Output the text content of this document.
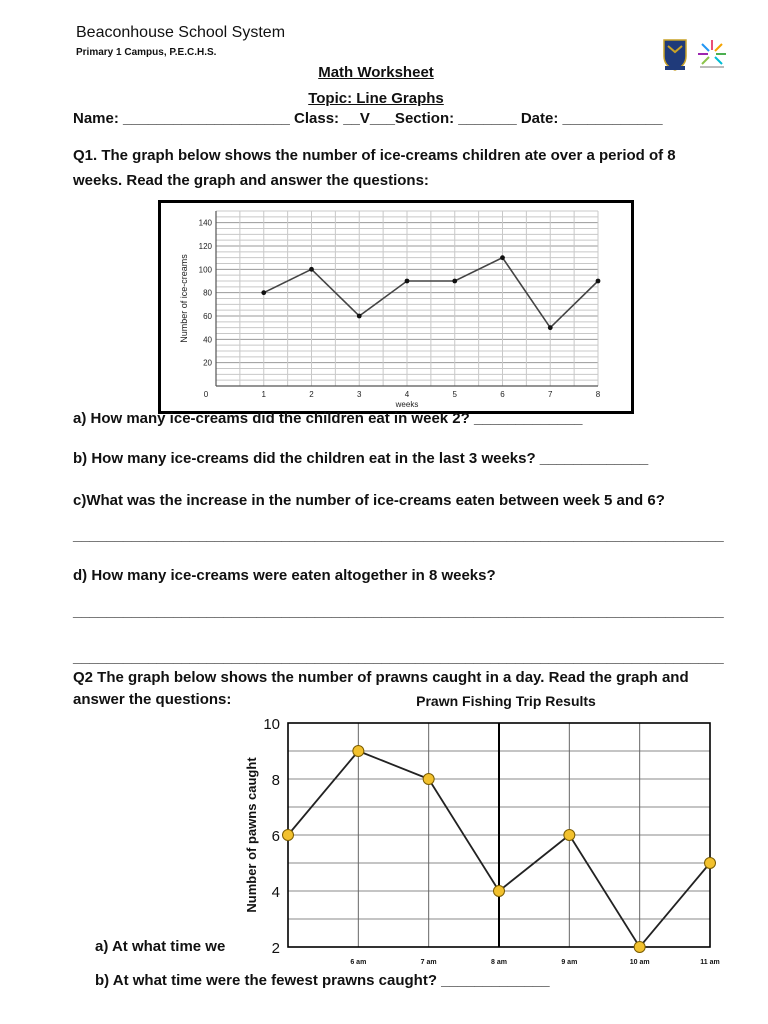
Beaconhouse School System
Primary 1 Campus, P.E.C.H.S.
Math Worksheet
Topic: Line Graphs
Name: ____________________ Class: __V___Section: _______ Date: ____________
Q1. The graph below shows the number of ice-creams children ate over a period of 8
weeks. Read the graph and answer the questions:
20
40
60
80
100
120
140
0	1	2	3	4	5	6	7	8
weeks
Number of ice-creams
a) How many ice-creams did the children eat in week 2? _____________
b) How many ice-creams did the children eat in the last 3 weeks? _____________
c)What was the increase in the number of ice-creams eaten between week 5 and 6?
______________________________________________________________________________
d) How many ice-creams were eaten altogether in 8 weeks?
______________________________________________________________________________
______________________________________________________________________________
Q2 The graph below shows the number of prawns caught in a day. Read the graph and
answer the questions:	Prawn Fishing Trip Results
2
4
6
8
10
6 am	7 am	8 am	9 am	10 am	11 am
Number of pawns caught
a) At what time we
b) At what time were the fewest prawns caught? _____________
